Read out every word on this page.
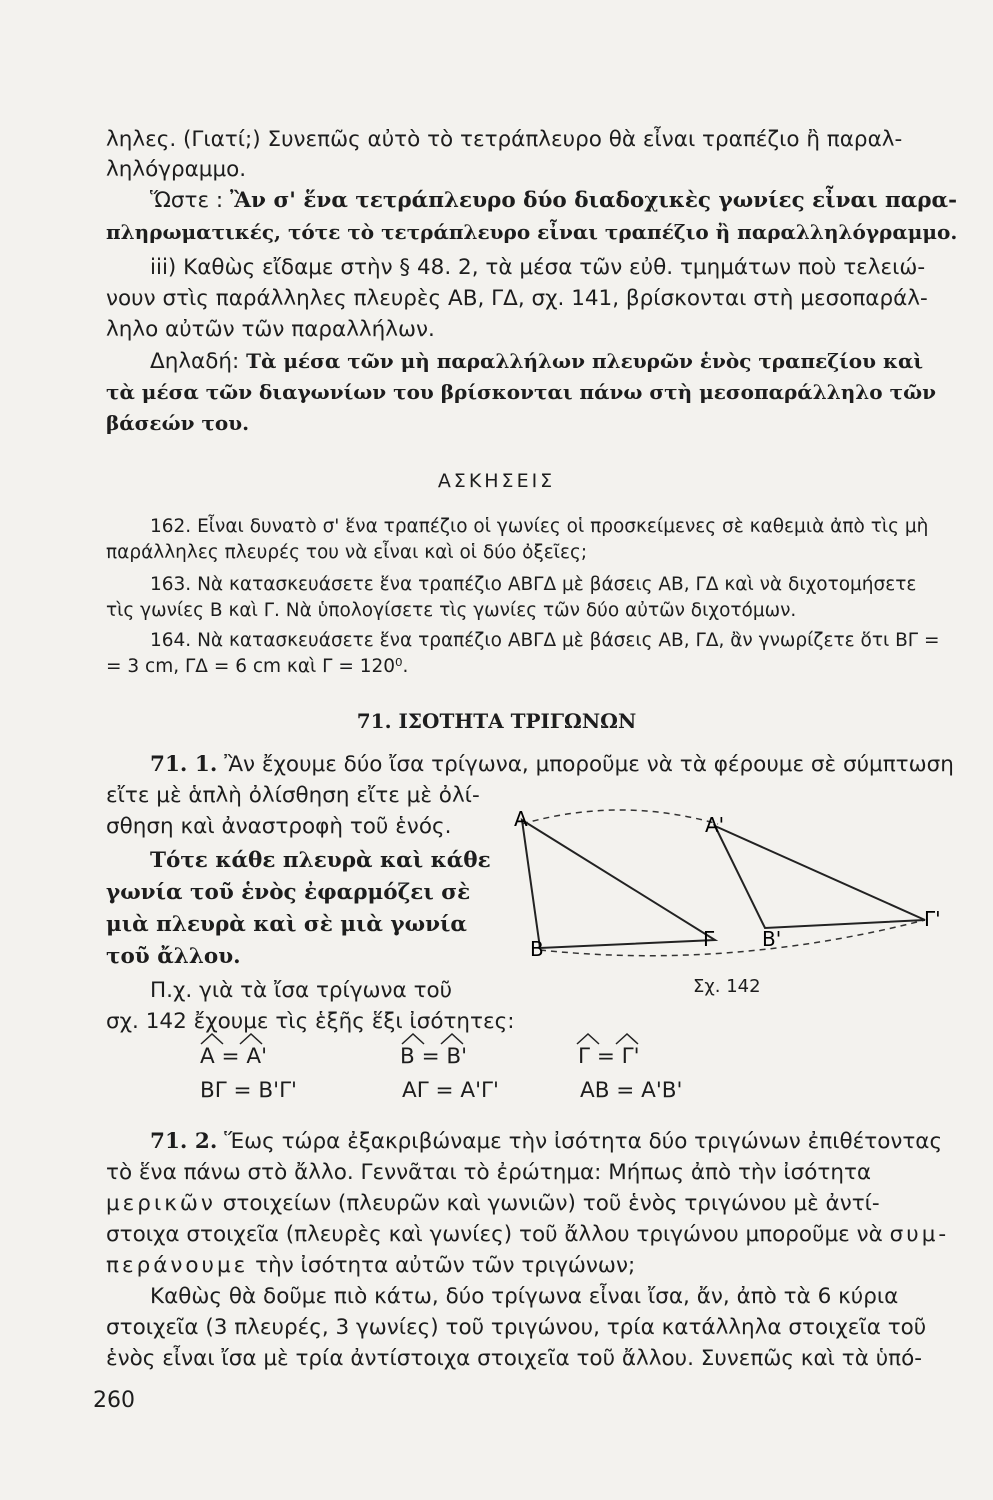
ληλες. (Γιατί;) Συνεπῶς αὐτὸ τὸ τετράπλευρο θὰ εἶναι τραπέζιο ἢ παραλ-
ληλόγραμμο.
Ὥστε : Ἂν σ' ἕνα τετράπλευρο δύο διαδοχικὲς γωνίες εἶναι παρα-
πληρωματικές, τότε τὸ τετράπλευρο εἶναι τραπέζιο ἢ παραλληλόγραμμο.
iii) Καθὼς εἴδαμε στὴν § 48. 2, τὰ μέσα τῶν εὐθ. τμημάτων ποὺ τελειώ-
νουν στὶς παράλληλες πλευρὲς ΑΒ, ΓΔ, σχ. 141, βρίσκονται στὴ μεσοπαράλ-
ληλο αὐτῶν τῶν παραλλήλων.
Δηλαδή: Τὰ μέσα τῶν μὴ παραλλήλων πλευρῶν ἑνὸς τραπεζίου καὶ
τὰ μέσα τῶν διαγωνίων του βρίσκονται πάνω στὴ μεσοπαράλληλο τῶν
βάσεών του.
ΑΣΚΗΣΕΙΣ
162. Εἶναι δυνατὸ σ' ἕνα τραπέζιο οἱ γωνίες οἱ προσκείμενες σὲ καθεμιὰ ἀπὸ τὶς μὴ
παράλληλες πλευρές του νὰ εἶναι καὶ οἱ δύο ὀξεῖες;
163. Νὰ κατασκευάσετε ἕνα τραπέζιο ΑΒΓΔ μὲ βάσεις ΑΒ, ΓΔ καὶ νὰ διχοτομήσετε
τὶς γωνίες Β καὶ Γ. Νὰ ὑπολογίσετε τὶς γωνίες τῶν δύο αὐτῶν διχοτόμων.
164. Νὰ κατασκευάσετε ἕνα τραπέζιο ΑΒΓΔ μὲ βάσεις ΑΒ, ΓΔ, ἂν γνωρίζετε ὅτι ΒΓ =
= 3 cm, ΓΔ = 6 cm καὶ Γ = 120⁰.
71. ΙΣΟΤΗΤΑ ΤΡΙΓΩΝΩΝ
71. 1. Ἂν ἔχουμε δύο ἴσα τρίγωνα, μποροῦμε νὰ τὰ φέρουμε σὲ σύμπτωση
εἴτε μὲ ἁπλὴ ὀλίσθηση εἴτε μὲ ὀλί-
σθηση καὶ ἀναστροφὴ τοῦ ἑνός.
Τότε κάθε πλευρὰ καὶ κάθε
γωνία τοῦ ἑνὸς ἐφαρμόζει σὲ
μιὰ πλευρὰ καὶ σὲ μιὰ γωνία
τοῦ ἄλλου.
Π.χ. γιὰ τὰ ἴσα τρίγωνα τοῦ
σχ. 142 ἔχουμε τὶς ἑξῆς ἕξι ἰσότητες:
Α
Β	Γ
Α'
Β'
Γ'
Σχ. 142
Α = Α'	Β = Β'	Γ = Γ'
ΒΓ = Β'Γ'	ΑΓ = Α'Γ'	ΑΒ = Α'Β'
71. 2. Ἕως τώρα ἐξακριβώναμε τὴν ἰσότητα δύο τριγώνων ἐπιθέτοντας
τὸ ἕνα πάνω στὸ ἄλλο. Γεννᾶται τὸ ἐρώτημα: Μήπως ἀπὸ τὴν ἰσότητα
μερικῶν στοιχείων (πλευρῶν καὶ γωνιῶν) τοῦ ἑνὸς τριγώνου μὲ ἀντί-
στοιχα στοιχεῖα (πλευρὲς καὶ γωνίες) τοῦ ἄλλου τριγώνου μποροῦμε νὰ συμ-
περάνουμε τὴν ἰσότητα αὐτῶν τῶν τριγώνων;
Καθὼς θὰ δοῦμε πιὸ κάτω, δύο τρίγωνα εἶναι ἴσα, ἄν, ἀπὸ τὰ 6 κύρια
στοιχεῖα (3 πλευρές, 3 γωνίες) τοῦ τριγώνου, τρία κατάλληλα στοιχεῖα τοῦ
ἑνὸς εἶναι ἴσα μὲ τρία ἀντίστοιχα στοιχεῖα τοῦ ἄλλου. Συνεπῶς καὶ τὰ ὑπό-
260
